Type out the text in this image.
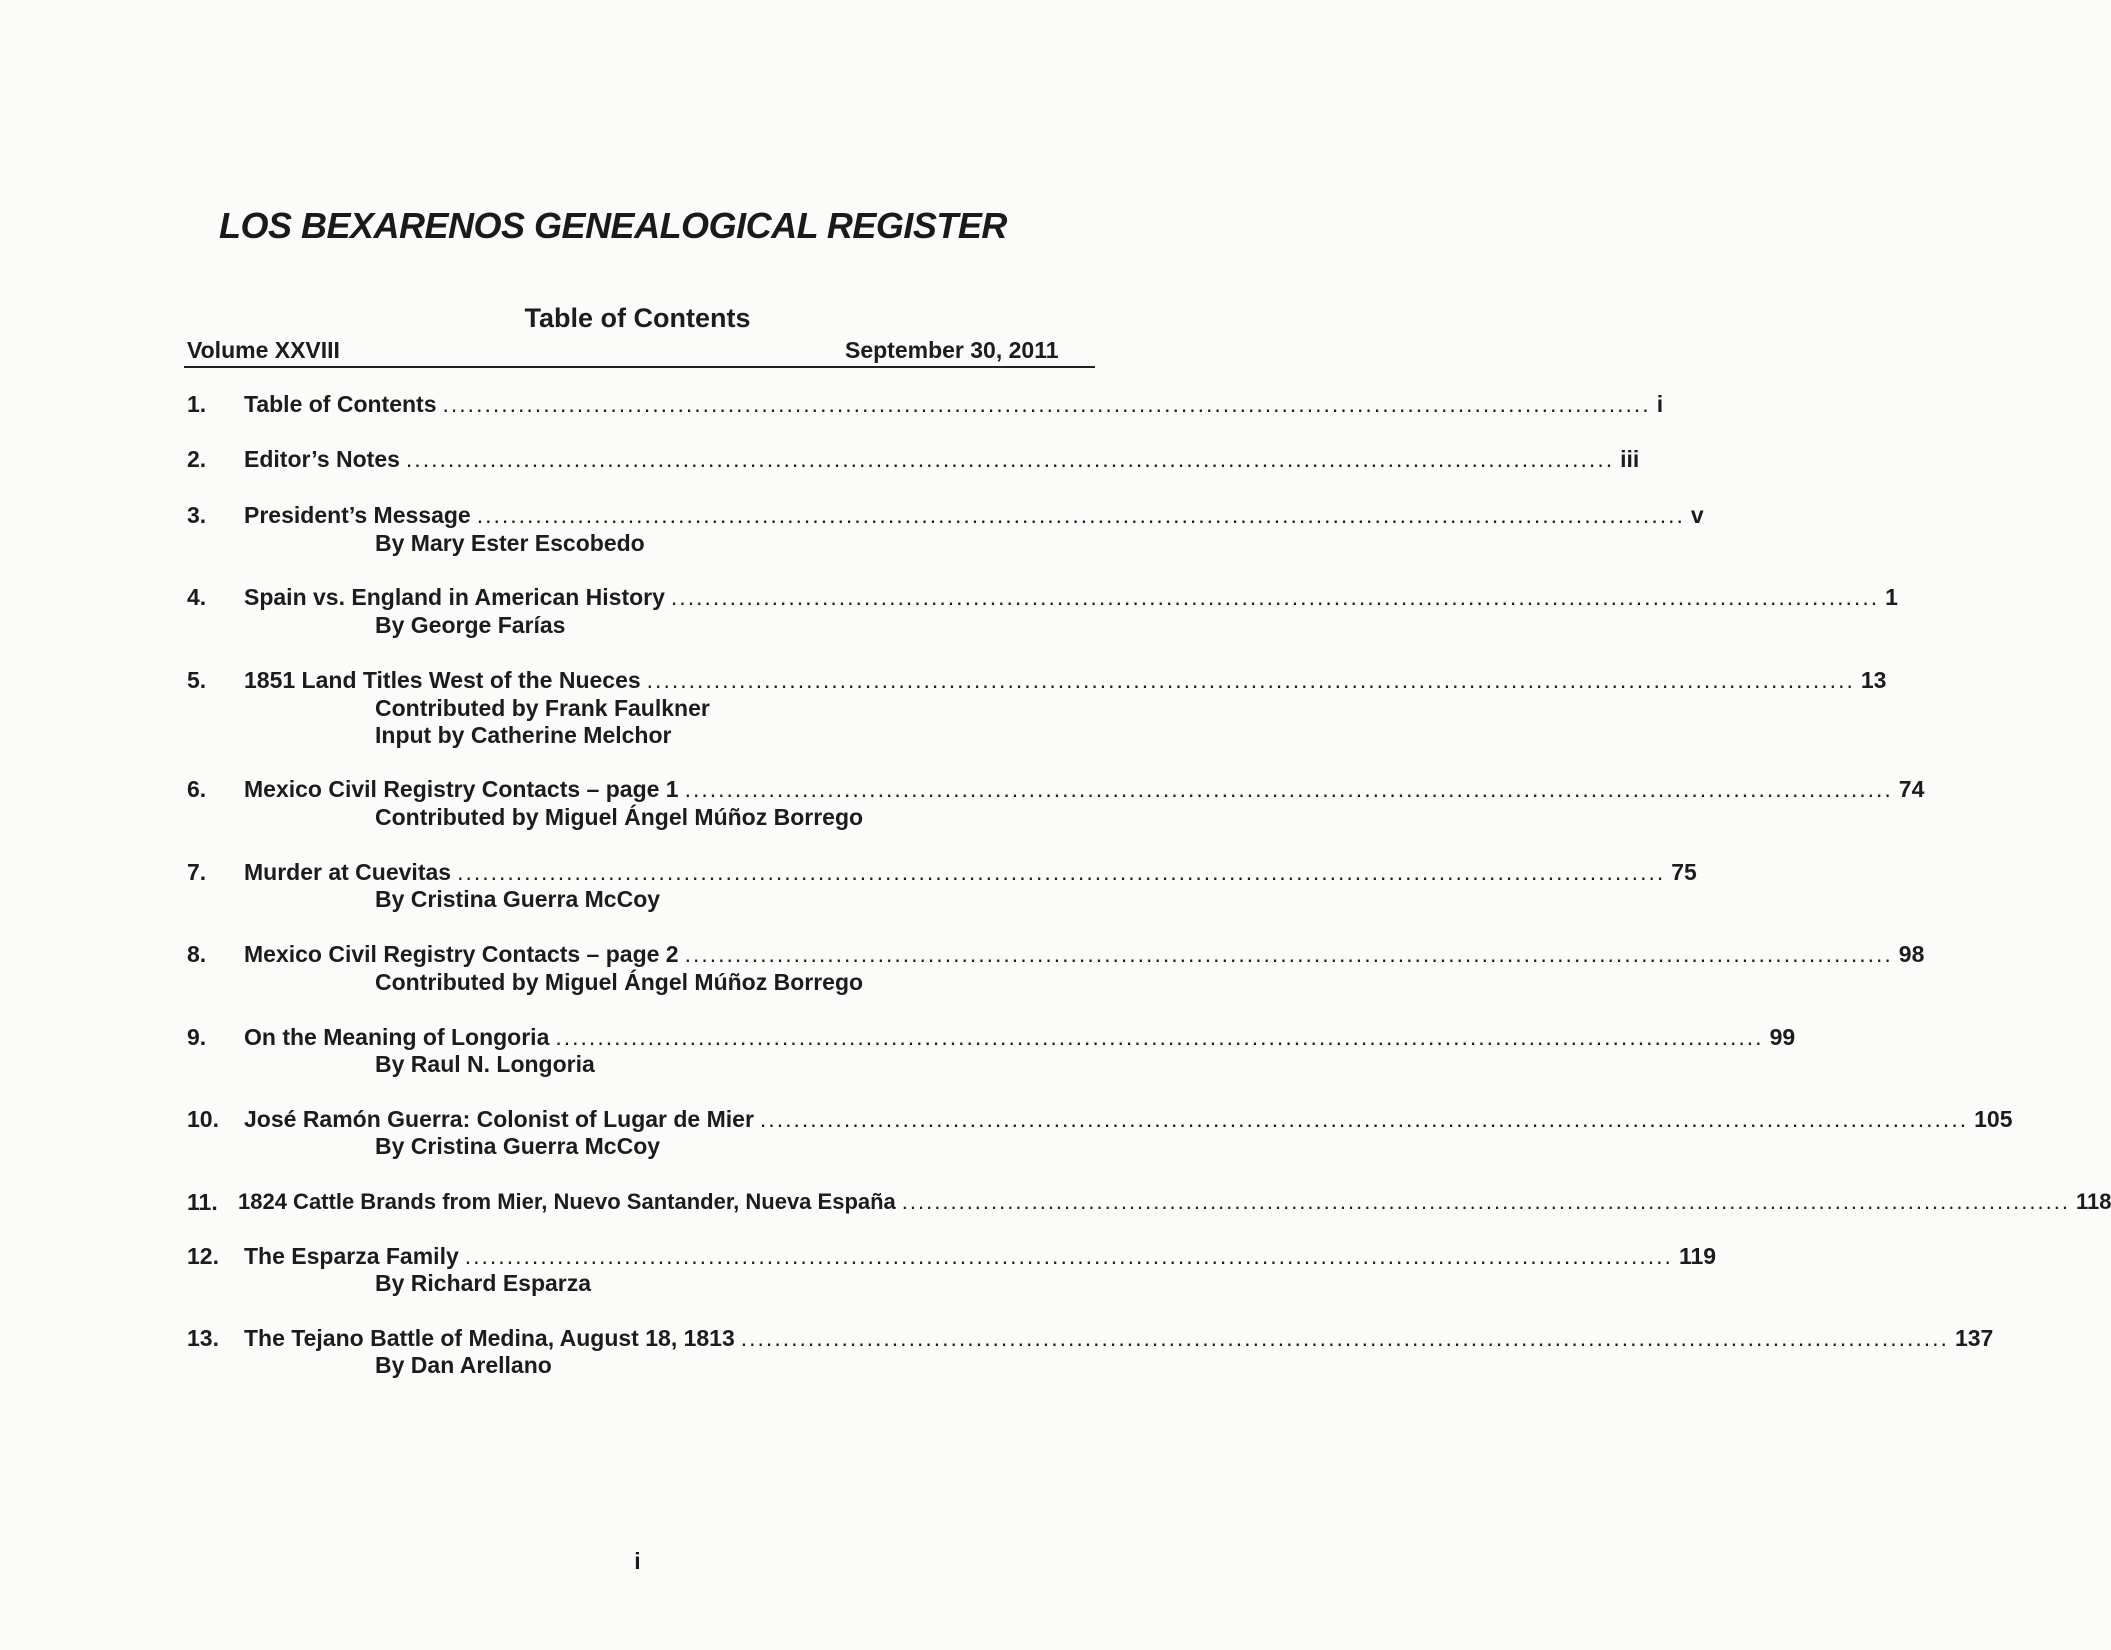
LOS BEXARENOS GENEALOGICAL REGISTER
Table of Contents
Volume XXVIII	September 30, 2011
1. Table of Contents ................................................................................................................................................ i
2. Editor’s Notes ................................................................................................................................................ iii
3. President’s Message ................................................................................................................................................ v
By Mary Ester Escobedo
4. Spain vs. England in American History ................................................................................................................................................ 1
By George Farías
5. 1851 Land Titles West of the Nueces ................................................................................................................................................ 13
Contributed by Frank Faulkner
Input by Catherine Melchor
6. Mexico Civil Registry Contacts – page 1 ................................................................................................................................................ 74
Contributed by Miguel Ángel Múñoz Borrego
7. Murder at Cuevitas ................................................................................................................................................ 75
By Cristina Guerra McCoy
8. Mexico Civil Registry Contacts – page 2 ................................................................................................................................................ 98
Contributed by Miguel Ángel Múñoz Borrego
9. On the Meaning of Longoria ................................................................................................................................................ 99
By Raul N. Longoria
10. José Ramón Guerra: Colonist of Lugar de Mier ................................................................................................................................................ 105
By Cristina Guerra McCoy
11. 1824 Cattle Brands from Mier, Nuevo Santander, Nueva España ................................................................................................................................................ 118
12. The Esparza Family ................................................................................................................................................ 119
By Richard Esparza
13. The Tejano Battle of Medina, August 18, 1813 ................................................................................................................................................ 137
By Dan Arellano
i
